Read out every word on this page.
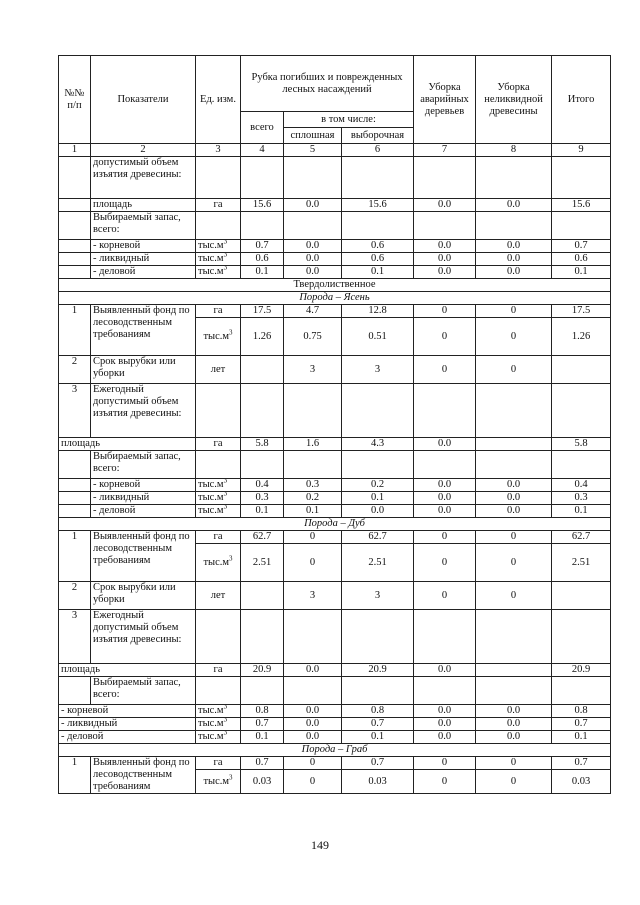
№№ п/п	Показатели	Ед. изм.	Рубка погибших и поврежденных лесных насаждений			Уборка аварийных деревьев	Уборка неликвидной древесины	Итого
			всего	в том числе:				
				сплошная	выборочная			
1	2	3	4	5	6	7	8	9
	допустимый объем изъятия древесины:							
	площадь	га	15.6	0.0	15.6	0.0	0.0	15.6
	Выбираемый запас, всего:							
	- корневой	$тыс.м^3$	0.7	0.0	0.6	0.0	0.0	0.7
	- ликвидный	$тыс.м^3$	0.6	0.0	0.6	0.0	0.0	0.6
	- деловой	$тыс.м^3$	0.1	0.0	0.1	0.0	0.0	0.1
Твердолиственное								
Порода – Ясень								
1	Выявленный фонд по лесоводственным требованиям	га	17.5	4.7	12.8	0	0	17.5
		$тыс.м^3$	1.26	0.75	0.51	0	0	1.26

2	Срок вырубки или уборки	лет		3	3	0	0	
3	Ежегодный допустимый объем изъятия древесины:							
площадь		га	5.8	1.6	4.3	0.0		5.8
	Выбираемый запас, всего:							
	- корневой	$тыс.м^3$	0.4	0.3	0.2	0.0	0.0	0.4
	- ликвидный	$тыс.м^3$	0.3	0.2	0.1	0.0	0.0	0.3
	- деловой	$тыс.м^3$	0.1	0.1	0.0	0.0	0.0	0.1
Порода – Дуб								
1	Выявленный фонд по лесоводственным требованиям	га	62.7	0	62.7	0	0	62.7
		$тыс.м^3$	2.51	0	2.51	0	0	2.51

2	Срок вырубки или уборки	лет		3	3	0	0	
3	Ежегодный допустимый объем изъятия древесины:							
площадь		га	20.9	0.0	20.9	0.0		20.9
	Выбираемый запас, всего:							
- корневой		$тыс.м^3$	0.8	0.0	0.8	0.0	0.0	0.8
- ликвидный		$тыс.м^3$	0.7	0.0	0.7	0.0	0.0	0.7
- деловой		$тыс.м^3$	0.1	0.0	0.1	0.0	0.0	0.1
Порода – Граб								
1	Выявленный фонд по лесоводственным требованиям	га	0.7	0	0.7	0	0	0.7
		$тыс.м^3$	0.03	0	0.03	0	0	0.03
149
